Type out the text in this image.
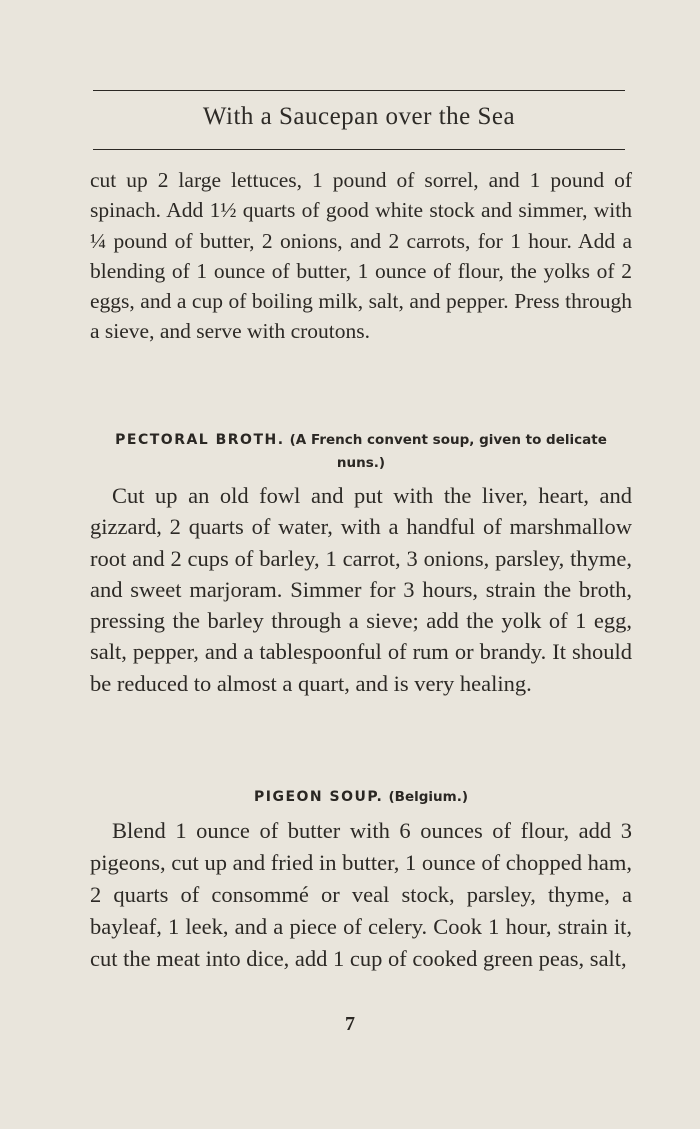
With a Saucepan over the Sea

cut up 2 large lettuces, 1 pound of sorrel, and 1 pound of spinach. Add 1½ quarts of good white stock and simmer, with ¼ pound of butter, 2 onions, and 2 carrots, for 1 hour. Add a blending of 1 ounce of butter, 1 ounce of flour, the yolks of 2 eggs, and a cup of boiling milk, salt, and pepper. Press through a sieve, and serve with croutons.

PECTORAL BROTH. (A French convent soup, given to delicate nuns.)

Cut up an old fowl and put with the liver, heart, and gizzard, 2 quarts of water, with a handful of marshmallow root and 2 cups of barley, 1 carrot, 3 onions, parsley, thyme, and sweet marjoram. Simmer for 3 hours, strain the broth, pressing the barley through a sieve; add the yolk of 1 egg, salt, pepper, and a tablespoonful of rum or brandy. It should be reduced to almost a quart, and is very healing.

PIGEON SOUP. (Belgium.)

Blend 1 ounce of butter with 6 ounces of flour, add 3 pigeons, cut up and fried in butter, 1 ounce of chopped ham, 2 quarts of consommé or veal stock, parsley, thyme, a bayleaf, 1 leek, and a piece of celery. Cook 1 hour, strain it, cut the meat into dice, add 1 cup of cooked green peas, salt,

7
